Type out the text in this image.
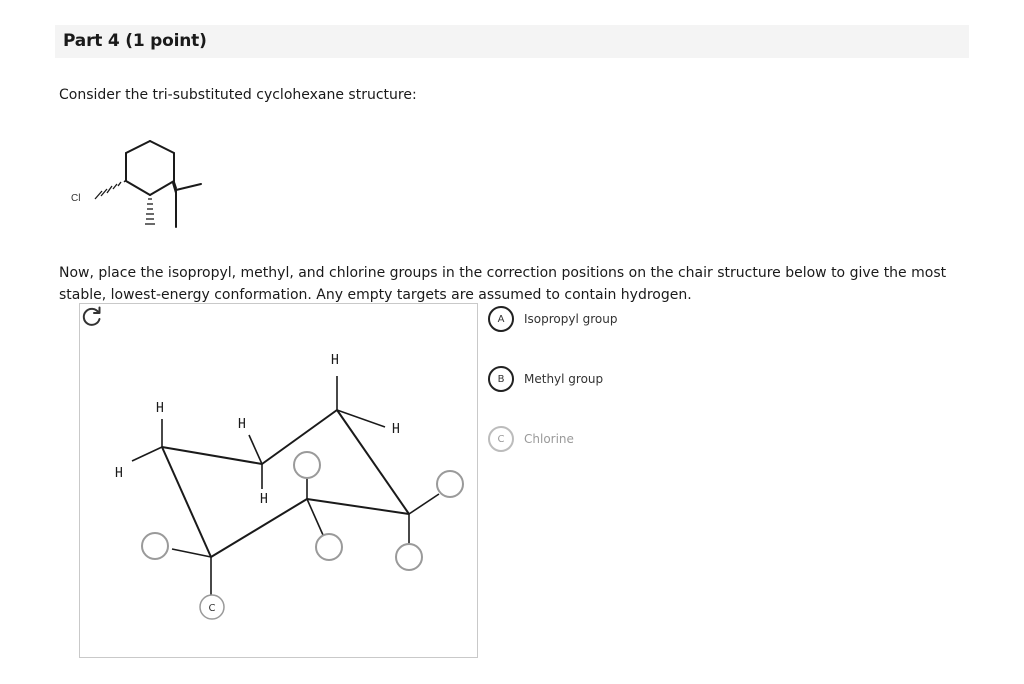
Part 4 (1 point)
Consider the tri-substituted cyclohexane structure:
Cl
Now, place the isopropyl, methyl, and chlorine groups in the correction positions on the chair structure below to give the most stable, lowest-energy conformation. Any empty targets are assumed to contain hydrogen.
H
H
H
H
H
H
C
A	Isopropyl group
B	Methyl group
C	Chlorine
